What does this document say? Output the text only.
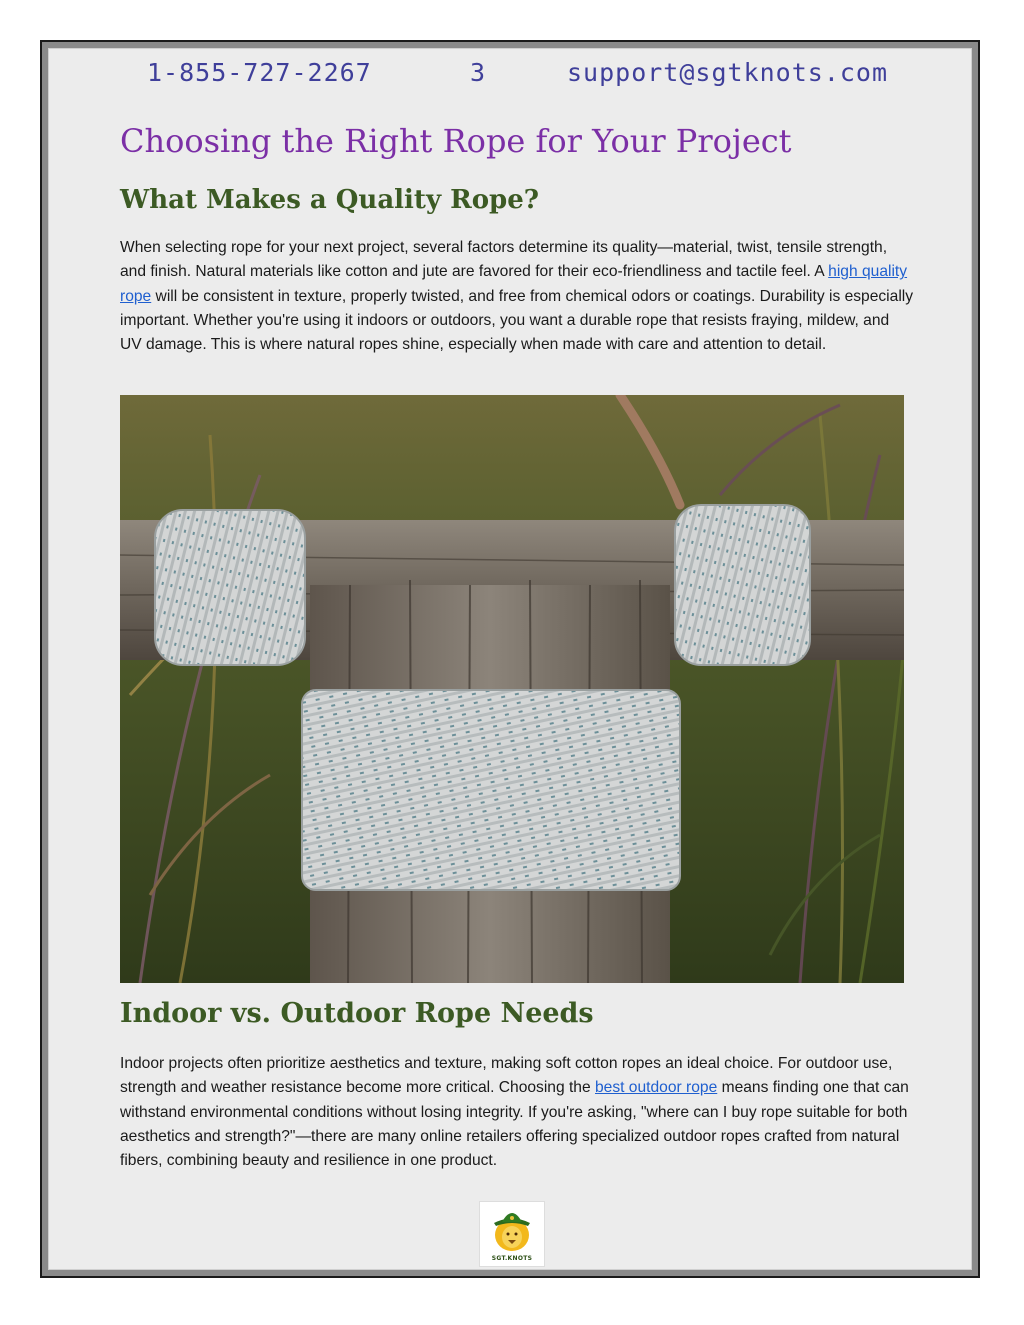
1-855-727-2267	3	support@sgtknots.com
Choosing the Right Rope for Your Project
What Makes a Quality Rope?

When selecting rope for your next project, several factors determine its quality—material, twist, tensile strength, and finish. Natural materials like cotton and jute are favored for their eco-friendliness and tactile feel. A high quality rope will be consistent in texture, properly twisted, and free from chemical odors or coatings. Durability is especially important. Whether you're using it indoors or outdoors, you want a durable rope that resists fraying, mildew, and UV damage. This is where natural ropes shine, especially when made with care and attention to detail.

Indoor vs. Outdoor Rope Needs

Indoor projects often prioritize aesthetics and texture, making soft cotton ropes an ideal choice. For outdoor use, strength and weather resistance become more critical. Choosing the best outdoor rope means finding one that can withstand environmental conditions without losing integrity. If you're asking, "where can I buy rope suitable for both aesthetics and strength?"—there are many online retailers offering specialized outdoor ropes crafted from natural fibers, combining beauty and resilience in one product.

SGT.KNOTS
